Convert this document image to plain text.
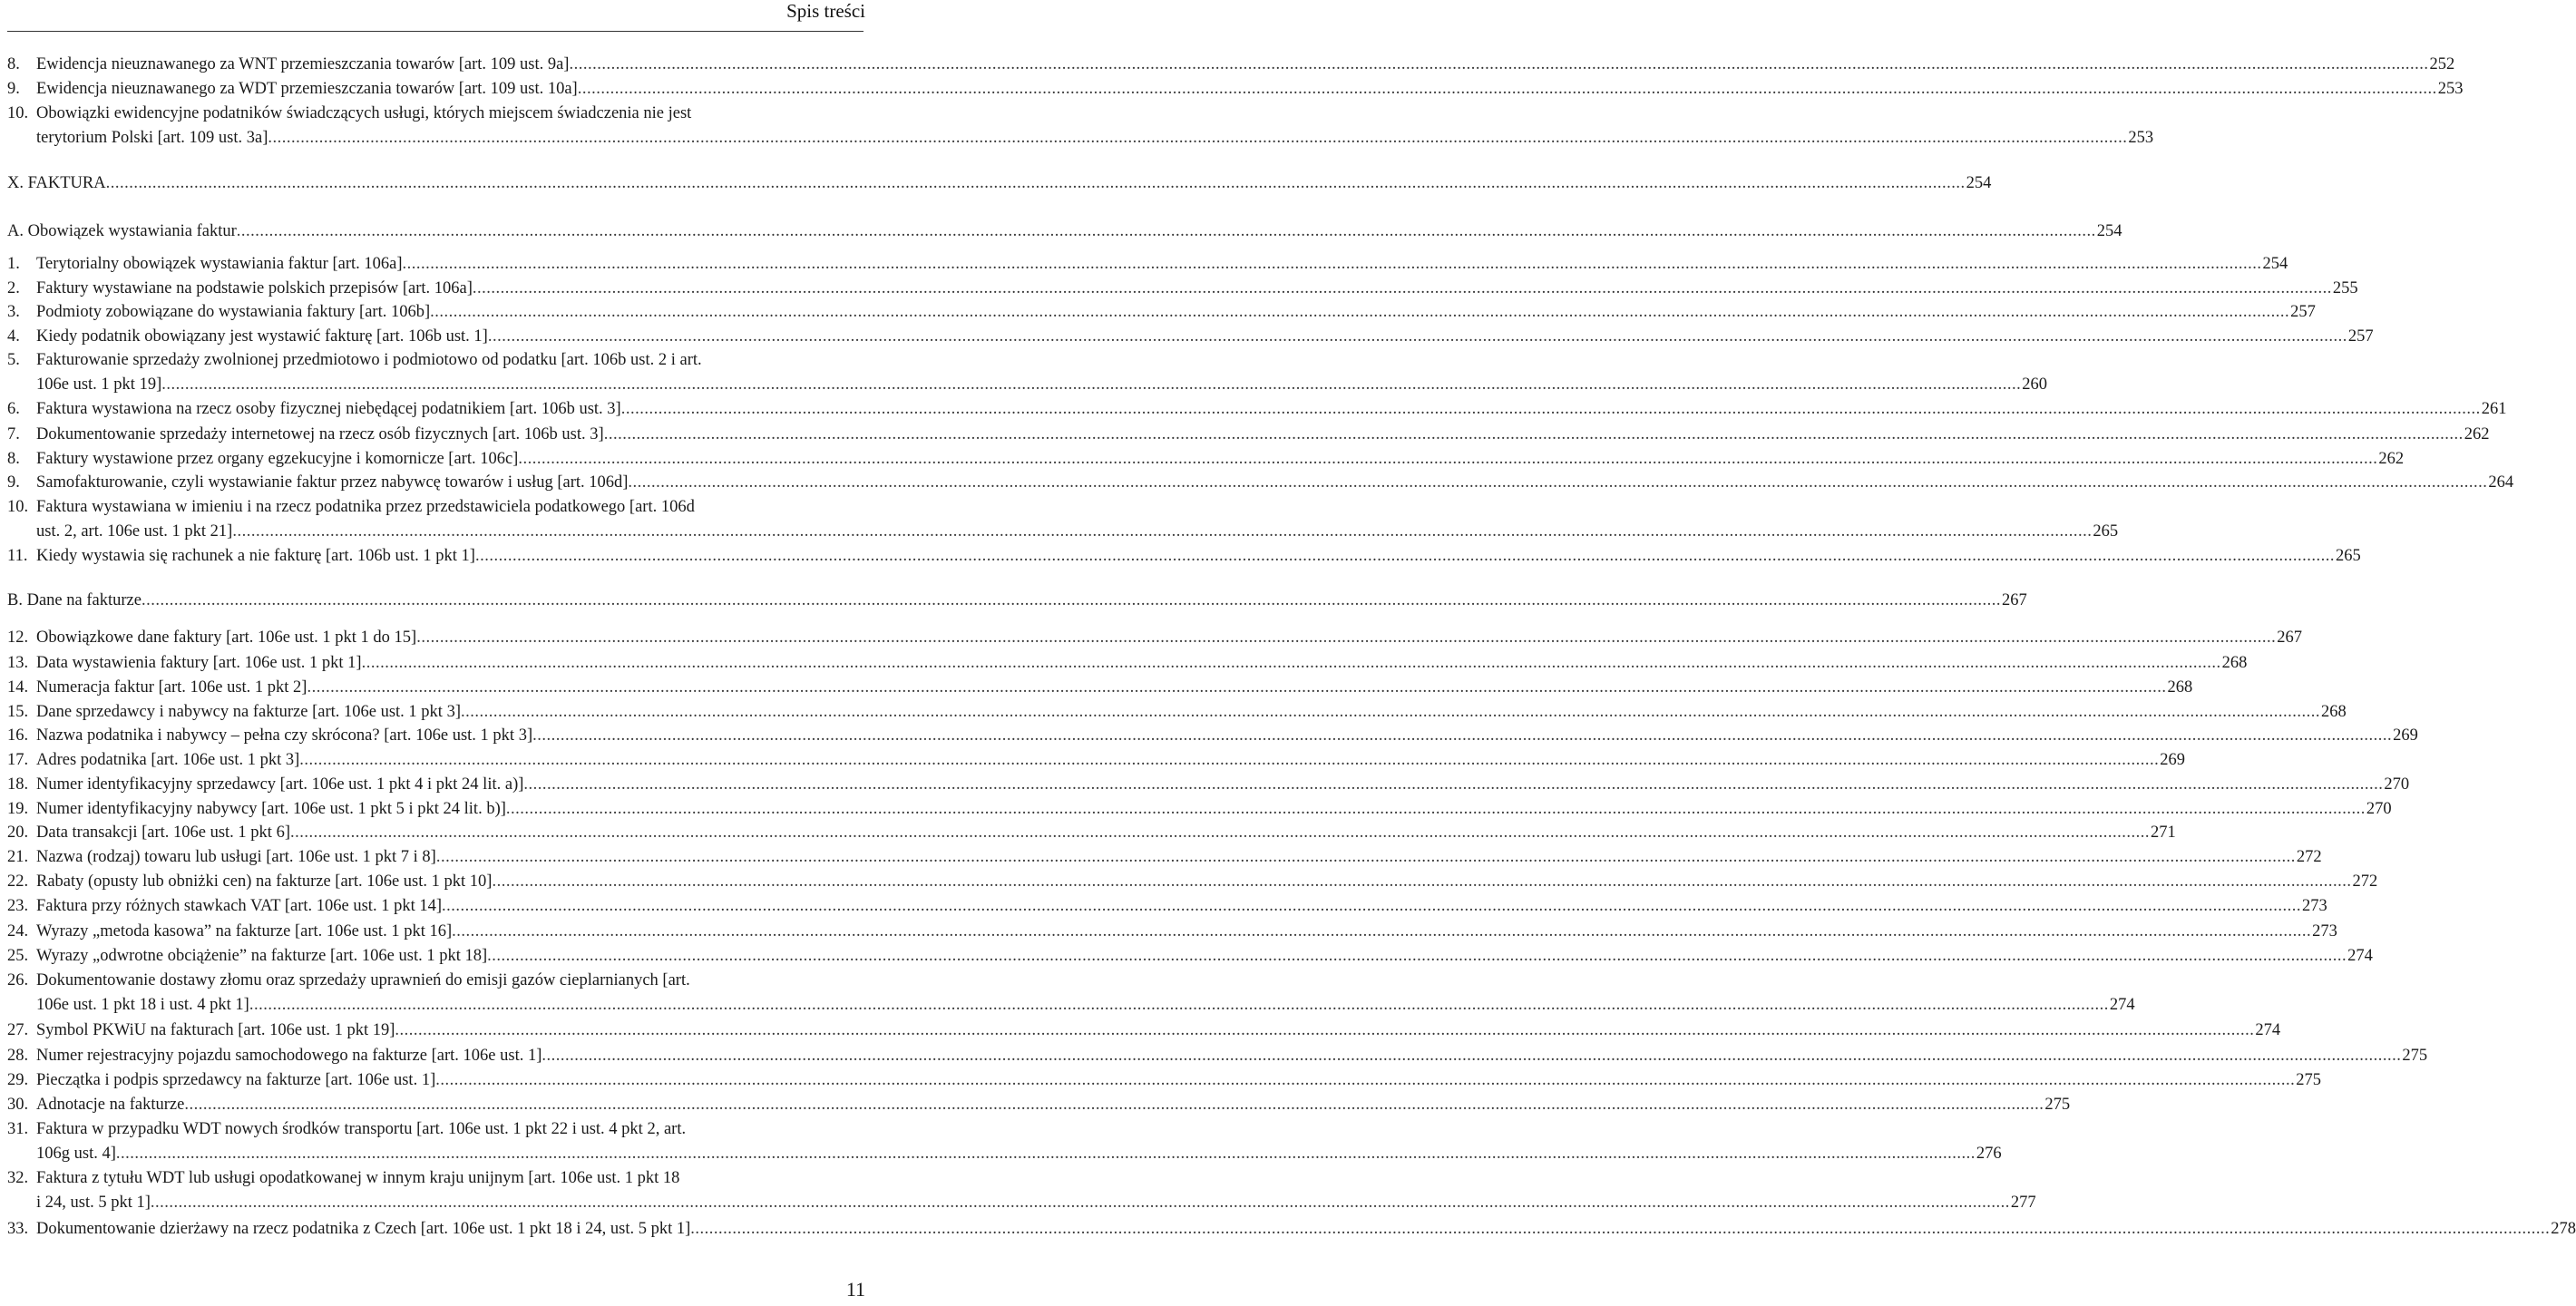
Spis treści
8. Ewidencja nieuznawanego za WNT przemieszczania towarów [art. 109 ust. 9a] ................................................................................................................................................................................................................................................................................................................................................................................................................ 252
9. Ewidencja nieuznawanego za WDT przemieszczania towarów [art. 109 ust. 10a] ................................................................................................................................................................................................................................................................................................................................................................................................................ 253
10. Obowiązki ewidencyjne podatników świadczących usługi, których miejscem świadczenia nie jest
terytorium Polski [art. 109 ust. 3a] ................................................................................................................................................................................................................................................................................................................................................................................................................ 253
X. FAKTURA ................................................................................................................................................................................................................................................................................................................................................................................................................ 254
A. Obowiązek wystawiania faktur ................................................................................................................................................................................................................................................................................................................................................................................................................ 254
1. Terytorialny obowiązek wystawiania faktur [art. 106a] ................................................................................................................................................................................................................................................................................................................................................................................................................ 254
2. Faktury wystawiane na podstawie polskich przepisów [art. 106a] ................................................................................................................................................................................................................................................................................................................................................................................................................ 255
3. Podmioty zobowiązane do wystawiania faktury [art. 106b] ................................................................................................................................................................................................................................................................................................................................................................................................................ 257
4. Kiedy podatnik obowiązany jest wystawić fakturę [art. 106b ust. 1] ................................................................................................................................................................................................................................................................................................................................................................................................................ 257
5. Fakturowanie sprzedaży zwolnionej przedmiotowo i podmiotowo od podatku [art. 106b ust. 2 i art.
106e ust. 1 pkt 19] ................................................................................................................................................................................................................................................................................................................................................................................................................ 260
6. Faktura wystawiona na rzecz osoby fizycznej niebędącej podatnikiem [art. 106b ust. 3] ................................................................................................................................................................................................................................................................................................................................................................................................................ 261
7. Dokumentowanie sprzedaży internetowej na rzecz osób fizycznych [art. 106b ust. 3] ................................................................................................................................................................................................................................................................................................................................................................................................................ 262
8. Faktury wystawione przez organy egzekucyjne i komornicze [art. 106c] ................................................................................................................................................................................................................................................................................................................................................................................................................ 262
9. Samofakturowanie, czyli wystawianie faktur przez nabywcę towarów i usług [art. 106d] ................................................................................................................................................................................................................................................................................................................................................................................................................ 264
10. Faktura wystawiana w imieniu i na rzecz podatnika przez przedstawiciela podatkowego [art. 106d
ust. 2, art. 106e ust. 1 pkt 21] ................................................................................................................................................................................................................................................................................................................................................................................................................ 265
11. Kiedy wystawia się rachunek a nie fakturę [art. 106b ust. 1 pkt 1] ................................................................................................................................................................................................................................................................................................................................................................................................................ 265
B. Dane na fakturze ................................................................................................................................................................................................................................................................................................................................................................................................................ 267
12. Obowiązkowe dane faktury [art. 106e ust. 1 pkt 1 do 15] ................................................................................................................................................................................................................................................................................................................................................................................................................ 267
13. Data wystawienia faktury [art. 106e ust. 1 pkt 1] ................................................................................................................................................................................................................................................................................................................................................................................................................ 268
14. Numeracja faktur [art. 106e ust. 1 pkt 2] ................................................................................................................................................................................................................................................................................................................................................................................................................ 268
15. Dane sprzedawcy i nabywcy na fakturze [art. 106e ust. 1 pkt 3] ................................................................................................................................................................................................................................................................................................................................................................................................................ 268
16. Nazwa podatnika i nabywcy – pełna czy skrócona? [art. 106e ust. 1 pkt 3] ................................................................................................................................................................................................................................................................................................................................................................................................................ 269
17. Adres podatnika [art. 106e ust. 1 pkt 3] ................................................................................................................................................................................................................................................................................................................................................................................................................ 269
18. Numer identyfikacyjny sprzedawcy [art. 106e ust. 1 pkt 4 i pkt 24 lit. a)] ................................................................................................................................................................................................................................................................................................................................................................................................................ 270
19. Numer identyfikacyjny nabywcy [art. 106e ust. 1 pkt 5 i pkt 24 lit. b)] ................................................................................................................................................................................................................................................................................................................................................................................................................ 270
20. Data transakcji [art. 106e ust. 1 pkt 6] ................................................................................................................................................................................................................................................................................................................................................................................................................ 271
21. Nazwa (rodzaj) towaru lub usługi [art. 106e ust. 1 pkt 7 i 8] ................................................................................................................................................................................................................................................................................................................................................................................................................ 272
22. Rabaty (opusty lub obniżki cen) na fakturze [art. 106e ust. 1 pkt 10] ................................................................................................................................................................................................................................................................................................................................................................................................................ 272
23. Faktura przy różnych stawkach VAT [art. 106e ust. 1 pkt 14] ................................................................................................................................................................................................................................................................................................................................................................................................................ 273
24. Wyrazy „metoda kasowa” na fakturze [art. 106e ust. 1 pkt 16] ................................................................................................................................................................................................................................................................................................................................................................................................................ 273
25. Wyrazy „odwrotne obciążenie” na fakturze [art. 106e ust. 1 pkt 18] ................................................................................................................................................................................................................................................................................................................................................................................................................ 274
26. Dokumentowanie dostawy złomu oraz sprzedaży uprawnień do emisji gazów cieplarnianych [art.
106e ust. 1 pkt 18 i ust. 4 pkt 1] ................................................................................................................................................................................................................................................................................................................................................................................................................ 274
27. Symbol PKWiU na fakturach [art. 106e ust. 1 pkt 19] ................................................................................................................................................................................................................................................................................................................................................................................................................ 274
28. Numer rejestracyjny pojazdu samochodowego na fakturze [art. 106e ust. 1] ................................................................................................................................................................................................................................................................................................................................................................................................................ 275
29. Pieczątka i podpis sprzedawcy na fakturze [art. 106e ust. 1] ................................................................................................................................................................................................................................................................................................................................................................................................................ 275
30. Adnotacje na fakturze ................................................................................................................................................................................................................................................................................................................................................................................................................ 275
31. Faktura w przypadku WDT nowych środków transportu [art. 106e ust. 1 pkt 22 i ust. 4 pkt 2, art.
106g ust. 4] ................................................................................................................................................................................................................................................................................................................................................................................................................ 276
32. Faktura z tytułu WDT lub usługi opodatkowanej w innym kraju unijnym [art. 106e ust. 1 pkt 18
i 24, ust. 5 pkt 1] ................................................................................................................................................................................................................................................................................................................................................................................................................ 277
33. Dokumentowanie dzierżawy na rzecz podatnika z Czech [art. 106e ust. 1 pkt 18 i 24, ust. 5 pkt 1] ................................................................................................................................................................................................................................................................................................................................................................................................................ 278
11
